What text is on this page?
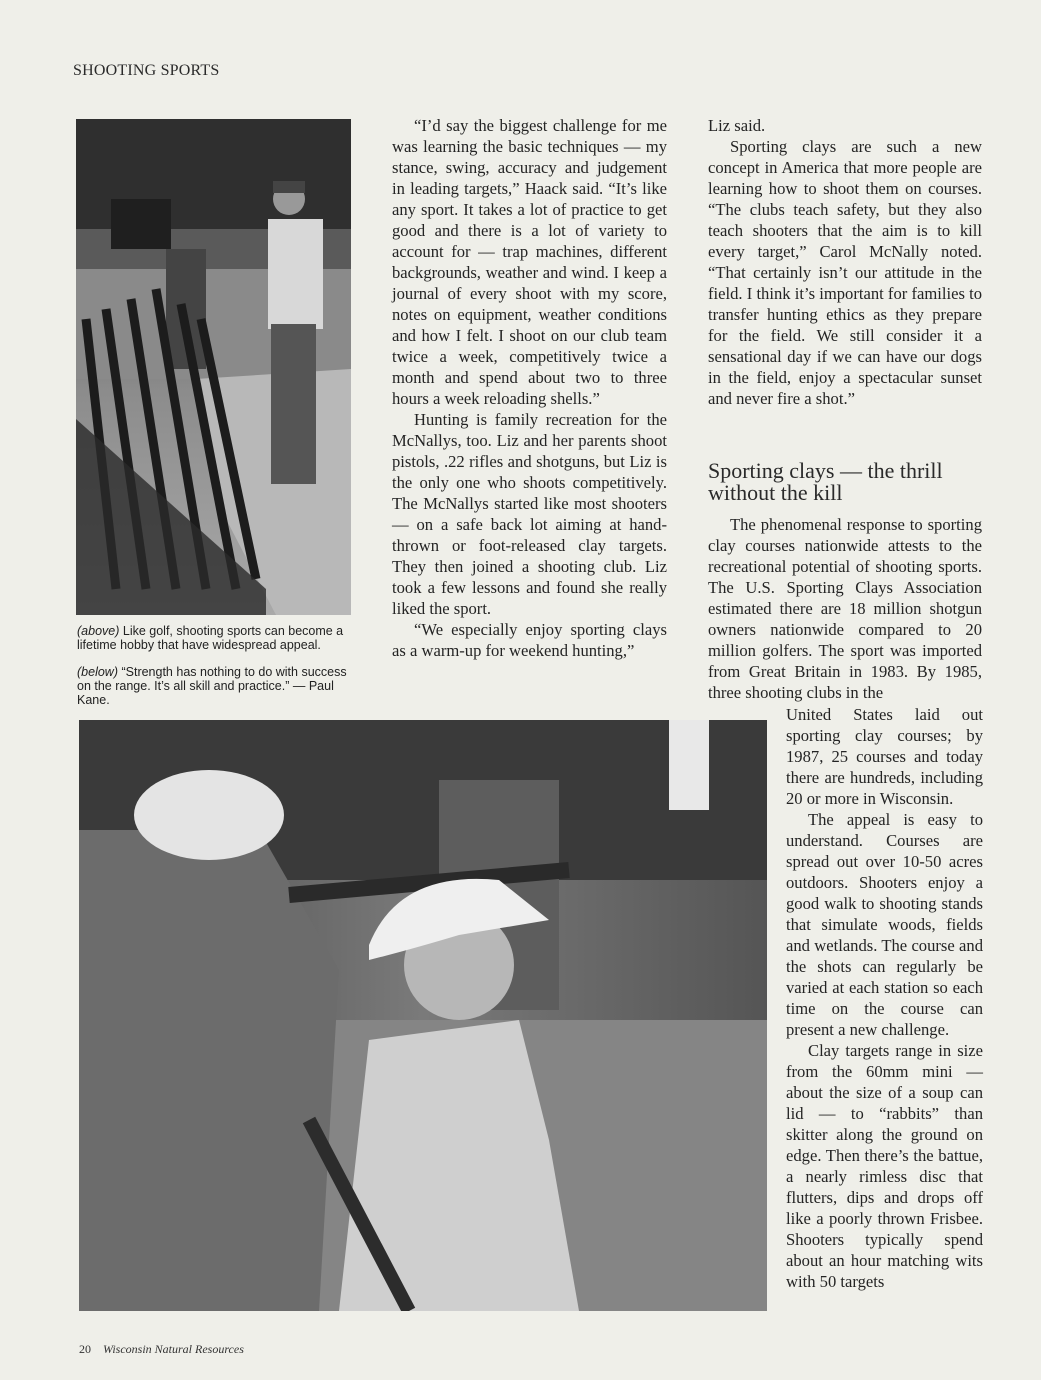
SHOOTING SPORTS

(above) Like golf, shooting sports can become a lifetime hobby that have widespread appeal.

(below) “Strength has nothing to do with success on the range. It’s all skill and practice.” — Paul Kane.

“I’d say the biggest challenge for me was learning the basic techniques — my stance, swing, accuracy and judgement in leading targets,” Haack said. “It’s like any sport. It takes a lot of practice to get good and there is a lot of variety to account for — trap machines, different backgrounds, weather and wind. I keep a journal of every shoot with my score, notes on equipment, weather conditions and how I felt. I shoot on our club team twice a week, competitively twice a month and spend about two to three hours a week reloading shells.”

Hunting is family recreation for the McNallys, too. Liz and her parents shoot pistols, .22 rifles and shotguns, but Liz is the only one who shoots competitively. The McNallys started like most shooters — on a safe back lot aiming at hand-thrown or foot-released clay targets. They then joined a shooting club. Liz took a few lessons and found she really liked the sport.

“We especially enjoy sporting clays as a warm-up for weekend hunting,”

Liz said.

Sporting clays are such a new concept in America that more people are learning how to shoot them on courses. “The clubs teach safety, but they also teach shooters that the aim is to kill every target,” Carol McNally noted. “That certainly isn’t our attitude in the field. I think it’s important for families to transfer hunting ethics as they prepare for the field. We still consider it a sensational day if we can have our dogs in the field, enjoy a spectacular sunset and never fire a shot.”

Sporting clays — the thrill without the kill

The phenomenal response to sporting clay courses nationwide attests to the recreational potential of shooting sports. The U.S. Sporting Clays Association estimated there are 18 million shotgun owners nationwide compared to 20 million golfers. The sport was imported from Great Britain in 1983. By 1985, three shooting clubs in the

United States laid out sporting clay courses; by 1987, 25 courses and today there are hundreds, including 20 or more in Wisconsin.

The appeal is easy to understand. Courses are spread out over 10-50 acres outdoors. Shooters enjoy a good walk to shooting stands that simulate woods, fields and wetlands. The course and the shots can regularly be varied at each station so each time on the course can present a new challenge.

Clay targets range in size from the 60mm mini — about the size of a soup can lid — to “rabbits” than skitter along the ground on edge. Then there’s the battue, a nearly rimless disc that flutters, dips and drops off like a poorly thrown Frisbee. Shooters typically spend about an hour matching wits with 50 targets

20 Wisconsin Natural Resources
